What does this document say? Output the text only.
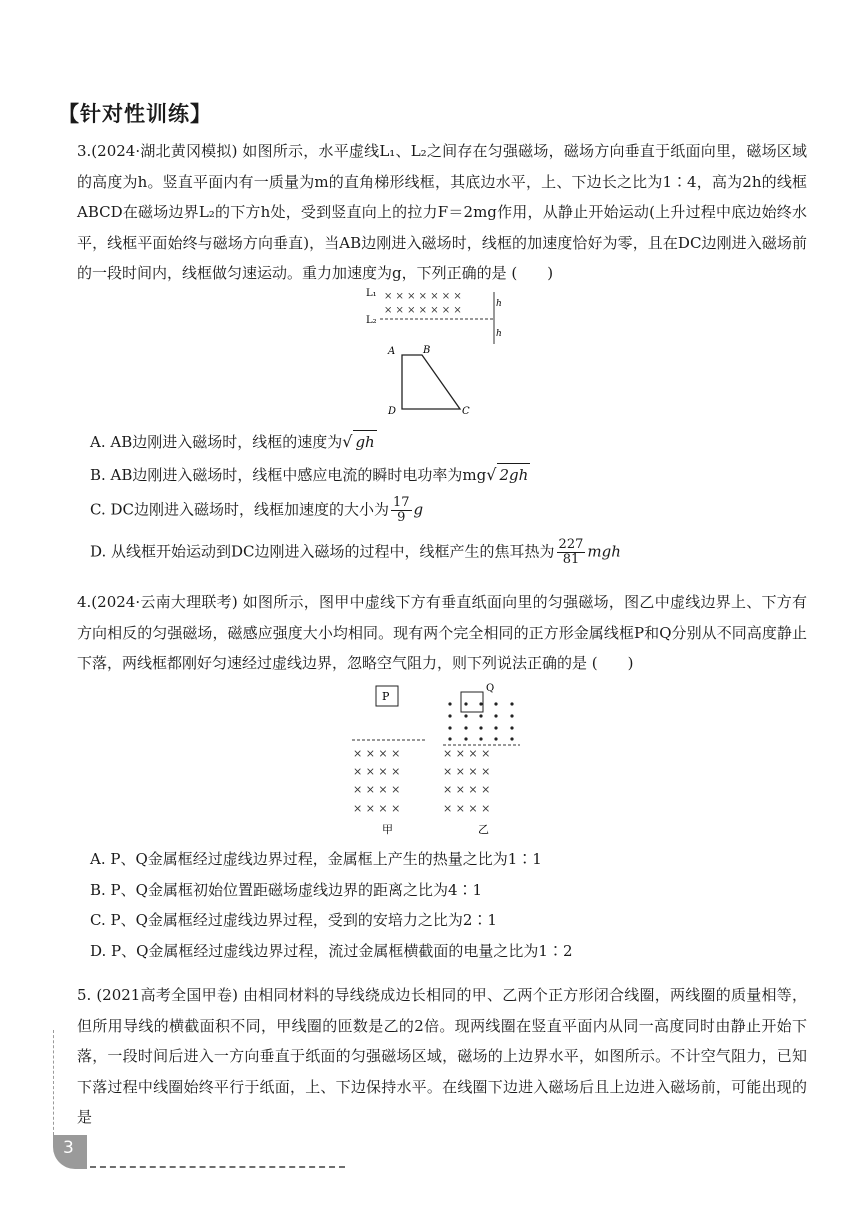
【针对性训练】
3.(2024·湖北黄冈模拟) 如图所示，水平虚线L₁、L₂之间存在匀强磁场，磁场方向垂直于纸面向里，磁场区域的高度为h。竖直平面内有一质量为m的直角梯形线框，其底边水平，上、下边长之比为1∶4，高为2h的线框ABCD在磁场边界L₂的下方h处，受到竖直向上的拉力F＝2mg作用，从静止开始运动(上升过程中底边始终水平，线框平面始终与磁场方向垂直)，当AB边刚进入磁场时，线框的加速度恰好为零，且在DC边刚进入磁场前的一段时间内，线框做匀速运动。重力加速度为g，下列正确的是 (　　)
L₁
L₂
× × × × × × ×
× × × × × × ×
h
h
A	B
D	C
A. AB边刚进入磁场时，线框的速度为√ gh
B. AB边刚进入磁场时，线框中感应电流的瞬时电功率为mg√ 2gh
C. DC边刚进入磁场时，线框加速度的大小为 $\frac{17}{9}$ g
D. 从线框开始运动到DC边刚进入磁场的过程中，线框产生的焦耳热为 $\frac{227}{81}$ mgh
4.(2024·云南大理联考) 如图所示，图甲中虚线下方有垂直纸面向里的匀强磁场，图乙中虚线边界上、下方有方向相反的匀强磁场，磁感应强度大小均相同。现有两个完全相同的正方形金属线框P和Q分别从不同高度静止下落，两线框都刚好匀速经过虚线边界，忽略空气阻力，则下列说法正确的是 (　　)
P
× × × ×
× × × ×
× × × ×
× × × ×
甲
Q
× × × ×
× × × ×
× × × ×
× × × ×
乙
A. P、Q金属框经过虚线边界过程，金属框上产生的热量之比为1∶1
B. P、Q金属框初始位置距磁场虚线边界的距离之比为4∶1
C. P、Q金属框经过虚线边界过程，受到的安培力之比为2∶1
D. P、Q金属框经过虚线边界过程，流过金属框横截面的电量之比为1∶2
5. (2021高考全国甲卷) 由相同材料的导线绕成边长相同的甲、乙两个正方形闭合线圈，两线圈的质量相等，但所用导线的横截面积不同，甲线圈的匝数是乙的2倍。现两线圈在竖直平面内从同一高度同时由静止开始下落，一段时间后进入一方向垂直于纸面的匀强磁场区域，磁场的上边界水平，如图所示。不计空气阻力，已知下落过程中线圈始终平行于纸面，上、下边保持水平。在线圈下边进入磁场后且上边进入磁场前，可能出现的是
3
